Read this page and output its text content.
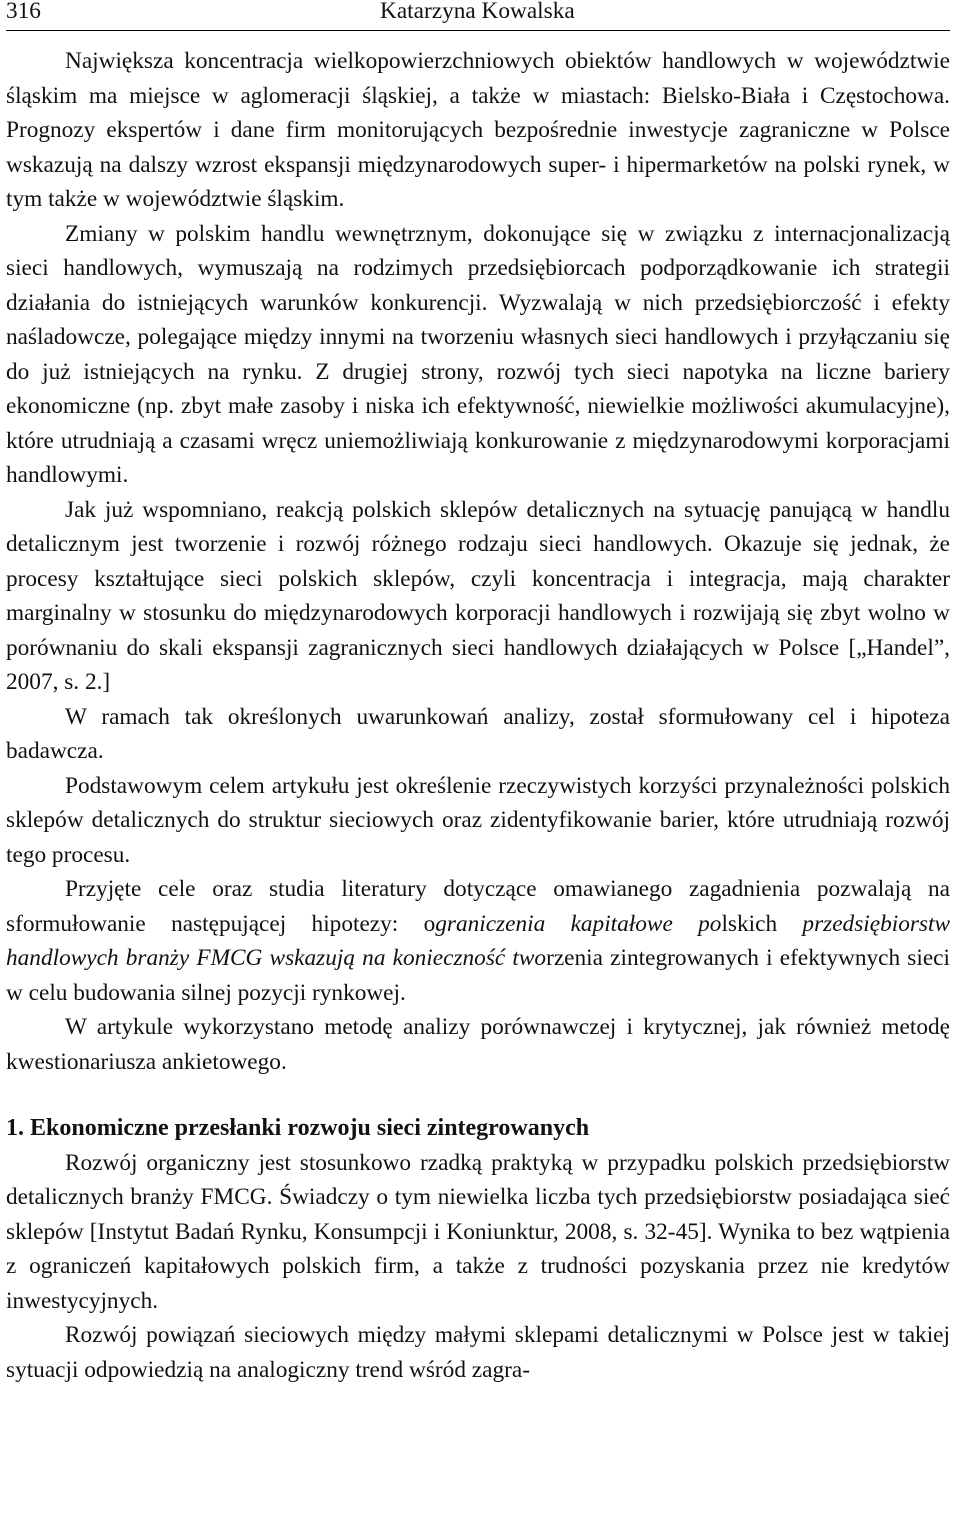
316	Katarzyna Kowalska

Największa koncentracja wielkopowierzchniowych obiektów handlowych w województwie śląskim ma miejsce w aglomeracji śląskiej, a także w miastach: Bielsko-Biała i Częstochowa. Prognozy ekspertów i dane firm monitorujących bezpośrednie inwestycje zagraniczne w Polsce wskazują na dalszy wzrost ekspansji międzynarodowych super- i hipermarketów na polski rynek, w tym także w województwie śląskim.

Zmiany w polskim handlu wewnętrznym, dokonujące się w związku z internacjonalizacją sieci handlowych, wymuszają na rodzimych przedsiębiorcach podporządkowanie ich strategii działania do istniejących warunków konkurencji. Wyzwalają w nich przedsiębiorczość i efekty naśladowcze, polegające między innymi na tworzeniu własnych sieci handlowych i przyłączaniu się do już istniejących na rynku. Z drugiej strony, rozwój tych sieci napotyka na liczne bariery ekonomiczne (np. zbyt małe zasoby i niska ich efektywność, niewielkie możliwości akumulacyjne), które utrudniają a czasami wręcz uniemożliwiają konkurowanie z międzynarodowymi korporacjami handlowymi.

Jak już wspomniano, reakcją polskich sklepów detalicznych na sytuację panującą w handlu detalicznym jest tworzenie i rozwój różnego rodzaju sieci handlowych. Okazuje się jednak, że procesy kształtujące sieci polskich sklepów, czyli koncentracja i integracja, mają charakter marginalny w stosunku do międzynarodowych korporacji handlowych i rozwijają się zbyt wolno w porównaniu do skali ekspansji zagranicznych sieci handlowych działających w Polsce [„Handel”, 2007, s. 2.]

W ramach tak określonych uwarunkowań analizy, został sformułowany cel i hipoteza badawcza.

Podstawowym celem artykułu jest określenie rzeczywistych korzyści przynależności polskich sklepów detalicznych do struktur sieciowych oraz zidentyfikowanie barier, które utrudniają rozwój tego procesu.

Przyjęte cele oraz studia literatury dotyczące omawianego zagadnienia pozwalają na sformułowanie następującej hipotezy: ograniczenia kapitałowe polskich przedsiębiorstw handlowych branży FMCG wskazują na konieczność tworzenia zintegrowanych i efektywnych sieci w celu budowania silnej pozycji rynkowej.

W artykule wykorzystano metodę analizy porównawczej i krytycznej, jak również metodę kwestionariusza ankietowego.

1. Ekonomiczne przesłanki rozwoju sieci zintegrowanych

Rozwój organiczny jest stosunkowo rzadką praktyką w przypadku polskich przedsiębiorstw detalicznych branży FMCG. Świadczy o tym niewielka liczba tych przedsiębiorstw posiadająca sieć sklepów [Instytut Badań Rynku, Konsumpcji i Koniunktur, 2008, s. 32-45]. Wynika to bez wątpienia z ograniczeń kapitałowych polskich firm, a także z trudności pozyskania przez nie kredytów inwestycyjnych.

Rozwój powiązań sieciowych między małymi sklepami detalicznymi w Polsce jest w takiej sytuacji odpowiedzią na analogiczny trend wśród zagra-
